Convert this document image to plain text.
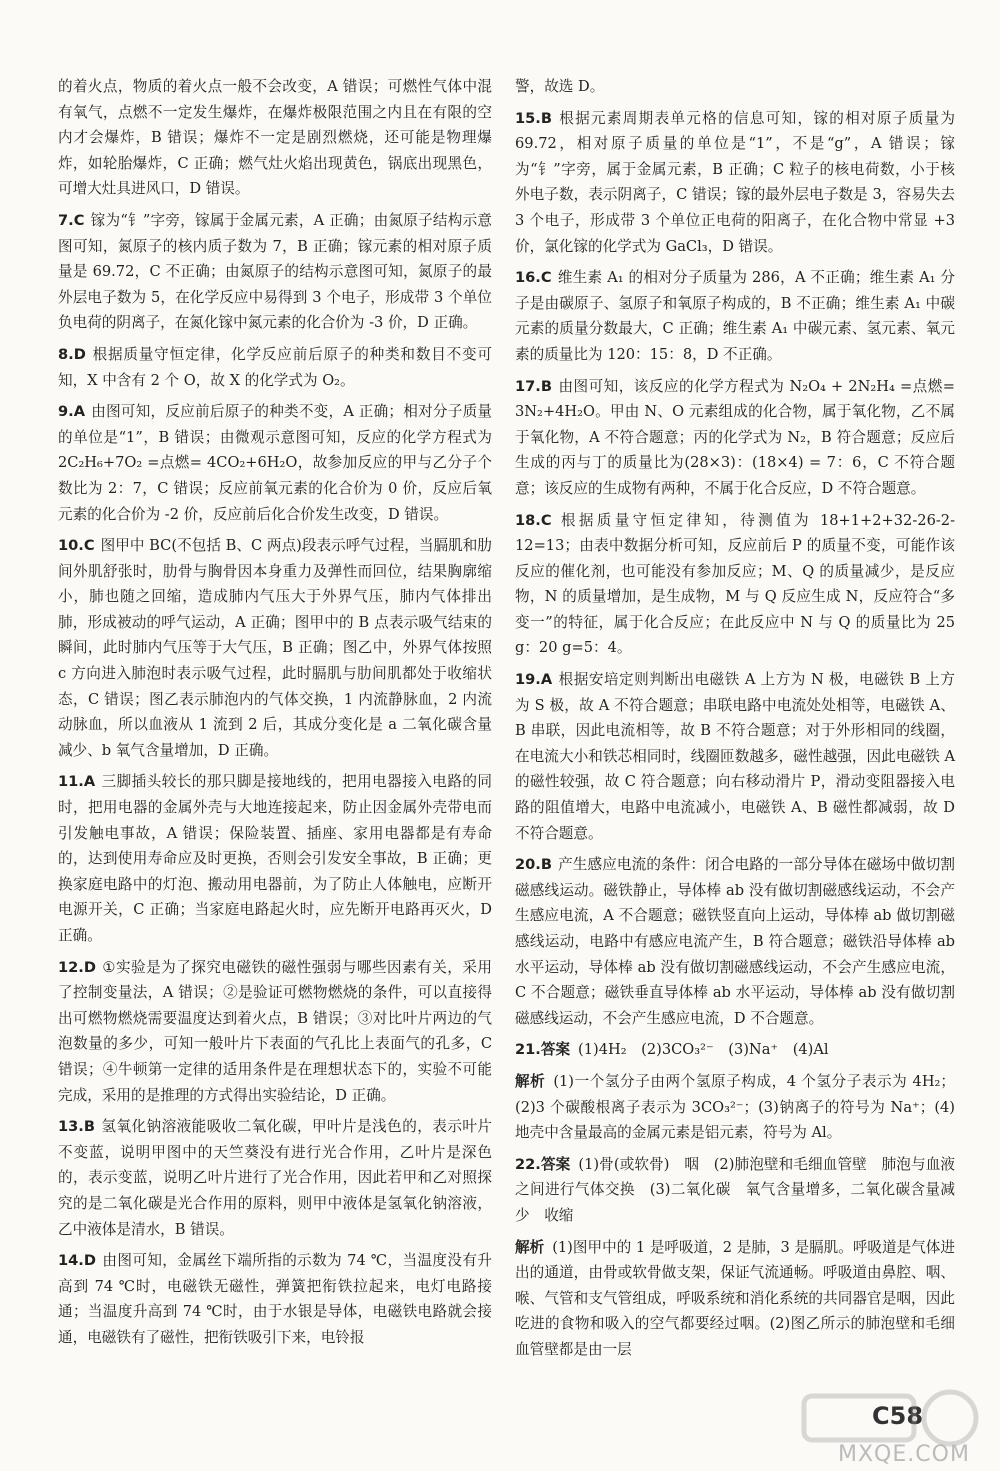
的着火点，物质的着火点一般不会改变，A 错误；可燃性气体中混有氧气，点燃不一定发生爆炸，在爆炸极限范围之内且在有限的空内才会爆炸，B 错误；爆炸不一定是剧烈燃烧，还可能是物理爆炸，如轮胎爆炸，C 正确；燃气灶火焰出现黄色，锅底出现黑色，可增大灶具进风口，D 错误。
7.C 镓为“钅”字旁，镓属于金属元素，A 正确；由氮原子结构示意图可知，氮原子的核内质子数为 7，B 正确；镓元素的相对原子质量是 69.72，C 不正确；由氮原子的结构示意图可知，氮原子的最外层电子数为 5，在化学反应中易得到 3 个电子，形成带 3 个单位负电荷的阴离子，在氮化镓中氮元素的化合价为 -3 价，D 正确。
8.D 根据质量守恒定律，化学反应前后原子的种类和数目不变可知，X 中含有 2 个 O，故 X 的化学式为 O₂。
9.A 由图可知，反应前后原子的种类不变，A 正确；相对分子质量的单位是“1”，B 错误；由微观示意图可知，反应的化学方程式为 2C₂H₆+7O₂ =点燃= 4CO₂+6H₂O，故参加反应的甲与乙分子个数比为 2：7，C 错误；反应前氧元素的化合价为 0 价，反应后氧元素的化合价为 -2 价，反应前后化合价发生改变，D 错误。
10.C 图甲中 BC(不包括 B、C 两点)段表示呼气过程，当膈肌和肋间外肌舒张时，肋骨与胸骨因本身重力及弹性而回位，结果胸廓缩小，肺也随之回缩，造成肺内气压大于外界气压，肺内气体排出肺，形成被动的呼气运动，A 正确；图甲中的 B 点表示吸气结束的瞬间，此时肺内气压等于大气压，B 正确；图乙中，外界气体按照 c 方向进入肺泡时表示吸气过程，此时膈肌与肋间肌都处于收缩状态，C 错误；图乙表示肺泡内的气体交换，1 内流静脉血，2 内流动脉血，所以血液从 1 流到 2 后，其成分变化是 a 二氧化碳含量减少、b 氧气含量增加，D 正确。
11.A 三脚插头较长的那只脚是接地线的，把用电器接入电路的同时，把用电器的金属外壳与大地连接起来，防止因金属外壳带电而引发触电事故，A 错误；保险装置、插座、家用电器都是有寿命的，达到使用寿命应及时更换，否则会引发安全事故，B 正确；更换家庭电路中的灯泡、搬动用电器前，为了防止人体触电，应断开电源开关，C 正确；当家庭电路起火时，应先断开电路再灭火，D 正确。
12.D ①实验是为了探究电磁铁的磁性强弱与哪些因素有关，采用了控制变量法，A 错误；②是验证可燃物燃烧的条件，可以直接得出可燃物燃烧需要温度达到着火点，B 错误；③对比叶片两边的气泡数量的多少，可知一般叶片下表面的气孔比上表面气的孔多，C 错误；④牛顿第一定律的适用条件是在理想状态下的，实验不可能完成，采用的是推理的方式得出实验结论，D 正确。
13.B 氢氧化钠溶液能吸收二氧化碳，甲叶片是浅色的，表示叶片不变蓝，说明甲图中的天竺葵没有进行光合作用，乙叶片是深色的，表示变蓝，说明乙叶片进行了光合作用，因此若甲和乙对照探究的是二氧化碳是光合作用的原料，则甲中液体是氢氧化钠溶液，乙中液体是清水，B 错误。
14.D 由图可知，金属丝下端所指的示数为 74 ℃，当温度没有升高到 74 ℃时，电磁铁无磁性，弹簧把衔铁拉起来，电灯电路接通；当温度升高到 74 ℃时，由于水银是导体，电磁铁电路就会接通，电磁铁有了磁性，把衔铁吸引下来，电铃报
警，故选 D。
15.B 根据元素周期表单元格的信息可知，镓的相对原子质量为 69.72，相对原子质量的单位是“1”，不是“g”，A 错误；镓为“钅”字旁，属于金属元素，B 正确；C 粒子的核电荷数，小于核外电子数，表示阴离子，C 错误；镓的最外层电子数是 3，容易失去 3 个电子，形成带 3 个单位正电荷的阳离子，在化合物中常显 +3 价，氯化镓的化学式为 GaCl₃，D 错误。
16.C 维生素 A₁ 的相对分子质量为 286，A 不正确；维生素 A₁ 分子是由碳原子、氢原子和氧原子构成的，B 不正确；维生素 A₁ 中碳元素的质量分数最大，C 正确；维生素 A₁ 中碳元素、氢元素、氧元素的质量比为 120：15：8，D 不正确。
17.B 由图可知，该反应的化学方程式为 N₂O₄ + 2N₂H₄ =点燃= 3N₂+4H₂O。甲由 N、O 元素组成的化合物，属于氧化物，乙不属于氧化物，A 不符合题意；丙的化学式为 N₂，B 符合题意；反应后生成的丙与丁的质量比为(28×3)：(18×4) = 7：6，C 不符合题意；该反应的生成物有两种，不属于化合反应，D 不符合题意。
18.C 根据质量守恒定律知，待测值为 18+1+2+32-26-2-12=13；由表中数据分析可知，反应前后 P 的质量不变，可能作该反应的催化剂，也可能没有参加反应；M、Q 的质量减少，是反应物，N 的质量增加，是生成物，M 与 Q 反应生成 N，反应符合“多变一”的特征，属于化合反应；在此反应中 N 与 Q 的质量比为 25 g：20 g=5：4。
19.A 根据安培定则判断出电磁铁 A 上方为 N 极，电磁铁 B 上方为 S 极，故 A 不符合题意；串联电路中电流处处相等，电磁铁 A、B 串联，因此电流相等，故 B 不符合题意；对于外形相同的线圈，在电流大小和铁芯相同时，线圈匝数越多，磁性越强，因此电磁铁 A 的磁性较强，故 C 符合题意；向右移动滑片 P，滑动变阻器接入电路的阻值增大，电路中电流减小，电磁铁 A、B 磁性都减弱，故 D 不符合题意。
20.B 产生感应电流的条件：闭合电路的一部分导体在磁场中做切割磁感线运动。磁铁静止，导体棒 ab 没有做切割磁感线运动，不会产生感应电流，A 不合题意；磁铁竖直向上运动，导体棒 ab 做切割磁感线运动，电路中有感应电流产生，B 符合题意；磁铁沿导体棒 ab 水平运动，导体棒 ab 没有做切割磁感线运动，不会产生感应电流，C 不合题意；磁铁垂直导体棒 ab 水平运动，导体棒 ab 没有做切割磁感线运动，不会产生感应电流，D 不合题意。
21.答案 (1)4H₂　(2)3CO₃²⁻　(3)Na⁺　(4)Al
解析 (1)一个氢分子由两个氢原子构成，4 个氢分子表示为 4H₂；(2)3 个碳酸根离子表示为 3CO₃²⁻；(3)钠离子的符号为 Na⁺；(4)地壳中含量最高的金属元素是铝元素，符号为 Al。
22.答案 (1)骨(或软骨)　咽　(2)肺泡壁和毛细血管壁　肺泡与血液之间进行气体交换　(3)二氧化碳　氧气含量增多，二氧化碳含量减少　收缩
解析 (1)图甲中的 1 是呼吸道，2 是肺，3 是膈肌。呼吸道是气体进出的通道，由骨或软骨做支架，保证气流通畅。呼吸道由鼻腔、咽、喉、气管和支气管组成，呼吸系统和消化系统的共同器官是咽，因此吃进的食物和吸入的空气都要经过咽。(2)图乙所示的肺泡壁和毛细血管壁都是由一层
C58
MXQE.COM
